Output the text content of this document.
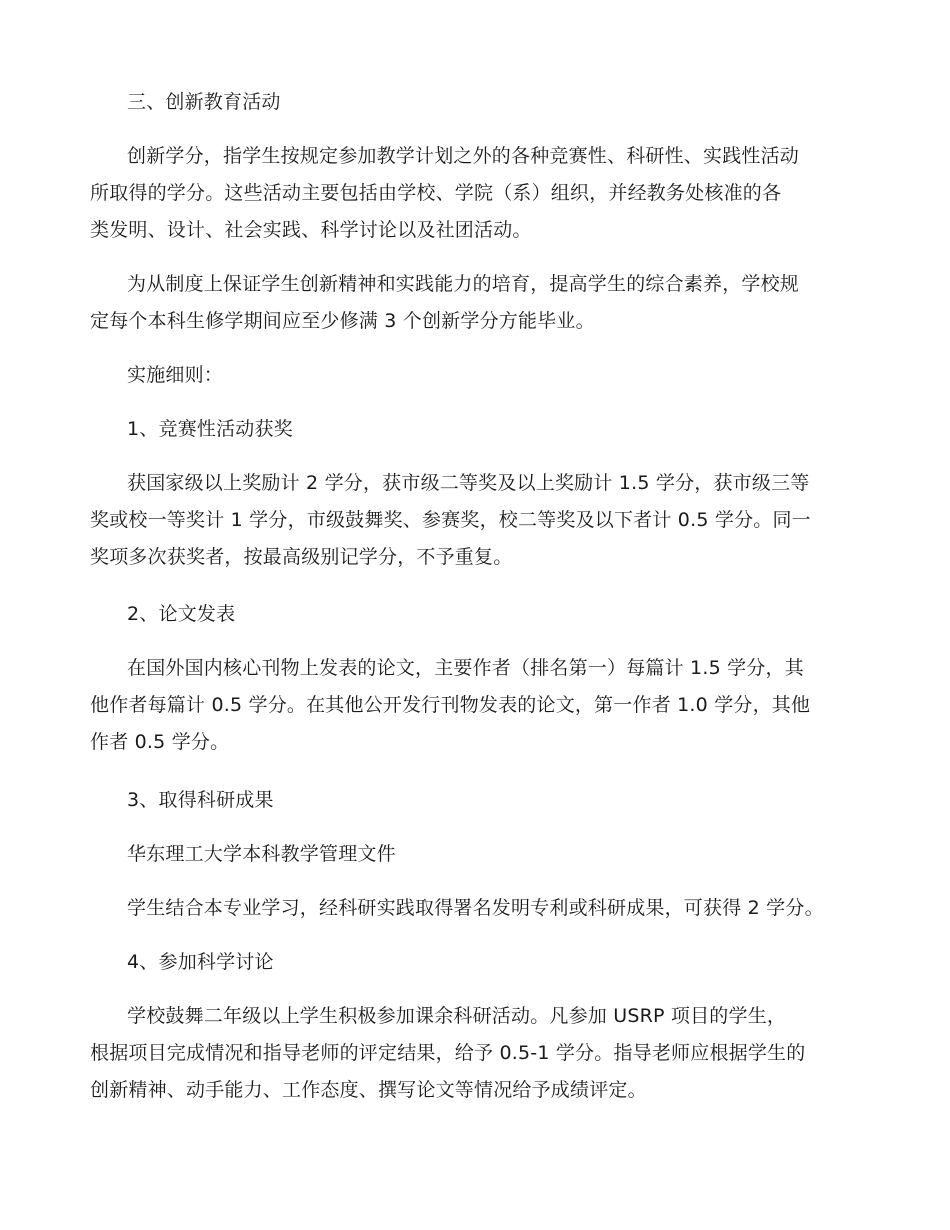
三、创新教育活动

创新学分，指学生按规定参加教学计划之外的各种竞赛性、科研性、实践性活动

所取得的学分。这些活动主要包括由学校、学院（系）组织，并经教务处核准的各

类发明、设计、社会实践、科学讨论以及社团活动。

为从制度上保证学生创新精神和实践能力的培育，提高学生的综合素养，学校规

定每个本科生修学期间应至少修满 3 个创新学分方能毕业。

实施细则：

1、竞赛性活动获奖

获国家级以上奖励计 2 学分，获市级二等奖及以上奖励计 1.5 学分，获市级三等

奖或校一等奖计 1 学分，市级鼓舞奖、参赛奖，校二等奖及以下者计 0.5 学分。同一

奖项多次获奖者，按最高级别记学分，不予重复。

2、论文发表

在国外国内核心刊物上发表的论文，主要作者（排名第一）每篇计 1.5 学分，其

他作者每篇计 0.5 学分。在其他公开发行刊物发表的论文，第一作者 1.0 学分，其他

作者 0.5 学分。

3、取得科研成果

华东理工大学本科教学管理文件

学生结合本专业学习，经科研实践取得署名发明专利或科研成果，可获得 2 学分。

4、参加科学讨论

学校鼓舞二年级以上学生积极参加课余科研活动。凡参加 USRP 项目的学生，

根据项目完成情况和指导老师的评定结果，给予 0.5-1 学分。指导老师应根据学生的

创新精神、动手能力、工作态度、撰写论文等情况给予成绩评定。
